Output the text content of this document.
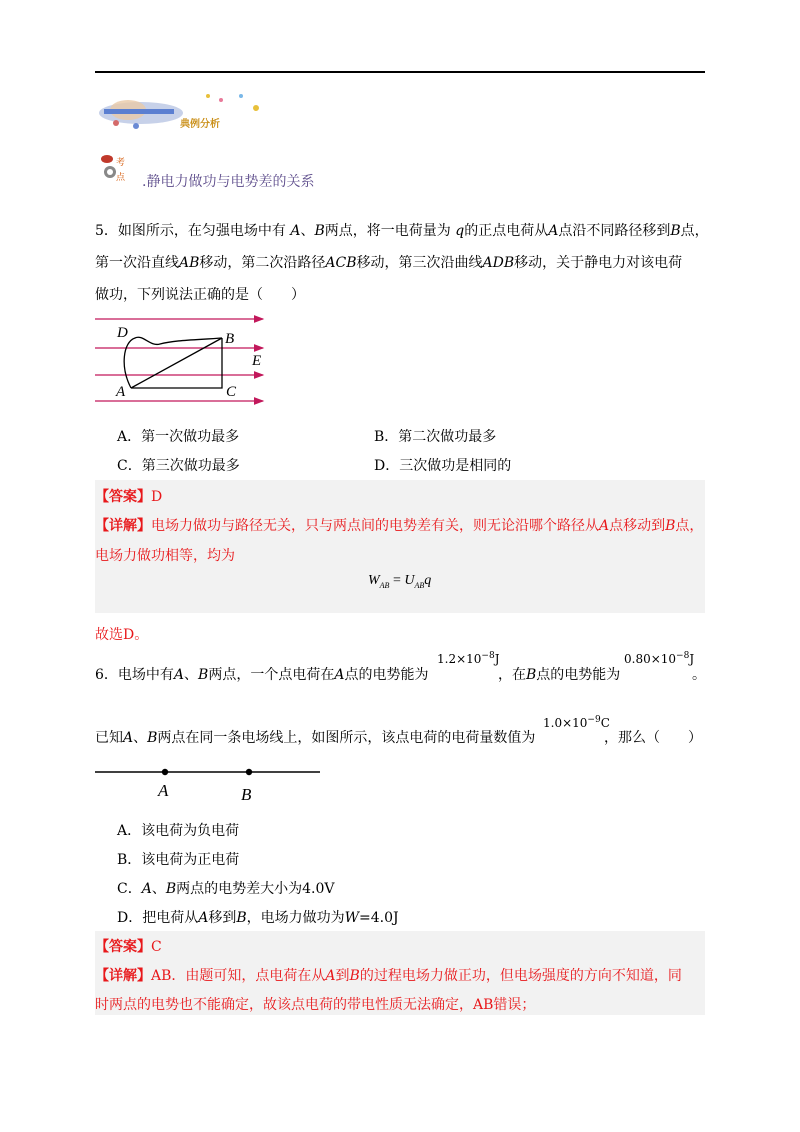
典例分析
考点	.静电力做功与电势差的关系
5．如图所示，在匀强电场中有 A、B两点，将一电荷量为 q的正点电荷从A点沿不同路径移到B点，
第一次沿直线AB移动，第二次沿路径ACB移动，第三次沿曲线ADB移动，关于静电力对该电荷
做功，下列说法正确的是（　　）
D	B
E
A	C
A．第一次做功最多	B．第二次做功最多
C．第三次做功最多	D．三次做功是相同的
【答案】D
【详解】电场力做功与路径无关，只与两点间的电势差有关，则无论沿哪个路径从A点移动到B点，
电场力做功相等，均为
$W_{AB} = U_{AB}q$
故选D。
6．电场中有A、B两点，一个点电荷在A点的电势能为
$1.2\times 10^{-8}J$
，在B点的电势能为
$0.80\times 10^{-8}J$
。
已知A、B两点在同一条电场线上，如图所示，该点电荷的电荷量数值为
$1.0\times 10^{-9}C$
，那么（　　）
A	B
A．该电荷为负电荷
B．该电荷为正电荷
C．A、B两点的电势差大小为4.0V
D．把电荷从A移到B，电场力做功为W=4.0J
【答案】C
【详解】AB．由题可知，点电荷在从A到B的过程电场力做正功，但电场强度的方向不知道，同
时两点的电势也不能确定，故该点电荷的带电性质无法确定，AB错误；
